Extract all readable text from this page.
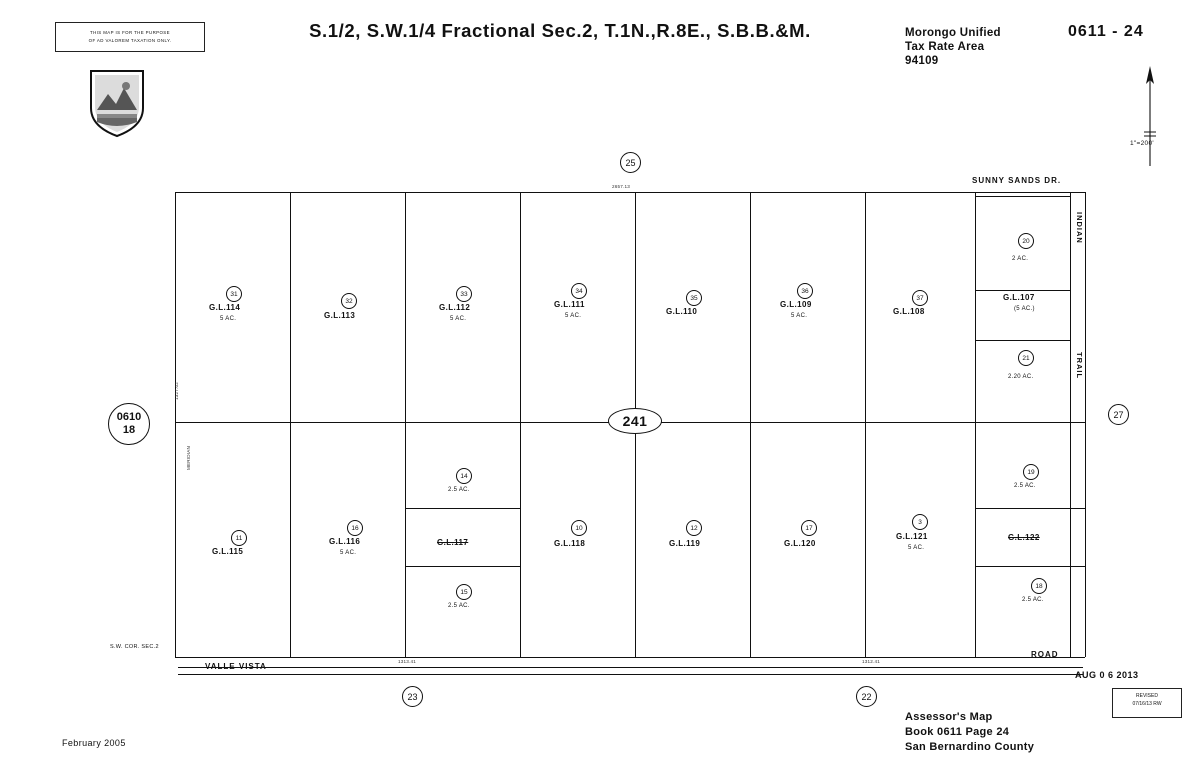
THIS MAP IS FOR THE PURPOSE
OF AD VALOREM TAXATION ONLY.	S.1/2, S.W.1/4 Fractional Sec.2, T.1N.,R.8E., S.B.B.&M.	Morongo Unified
Tax Rate Area
94109
0611 - 24
1"=200'
25
2657.13
0610
18
27
23	22
241
31
G.L.114
5 AC.
32
G.L.113
33
G.L.112
5 AC.
34
G.L.111
5 AC.
35
G.L.110
36
G.L.109
5 AC.
37
G.L.108
20
2 AC.
G.L.107
(5 AC.)
21
2.20 AC.
11
G.L.115
16
G.L.116
5 AC.
G.L.117
10
G.L.118
12
G.L.119
17
G.L.120
3
G.L.121
5 AC.
14
2.5 AC.
15
2.5 AC.
19
2.5 AC.
G.L.122
18
2.5 AC.
SUNNY SANDS DR.
INDIAN
TRAIL
ROAD
1327.02
MERIDIAN
1313.41	1312.41
S.W. COR. SEC.2
February 2005
Assessor's Map
Book 0611 Page 24
San Bernardino County
AUG 0 6 2013
REVISED
07/16/13 RW
